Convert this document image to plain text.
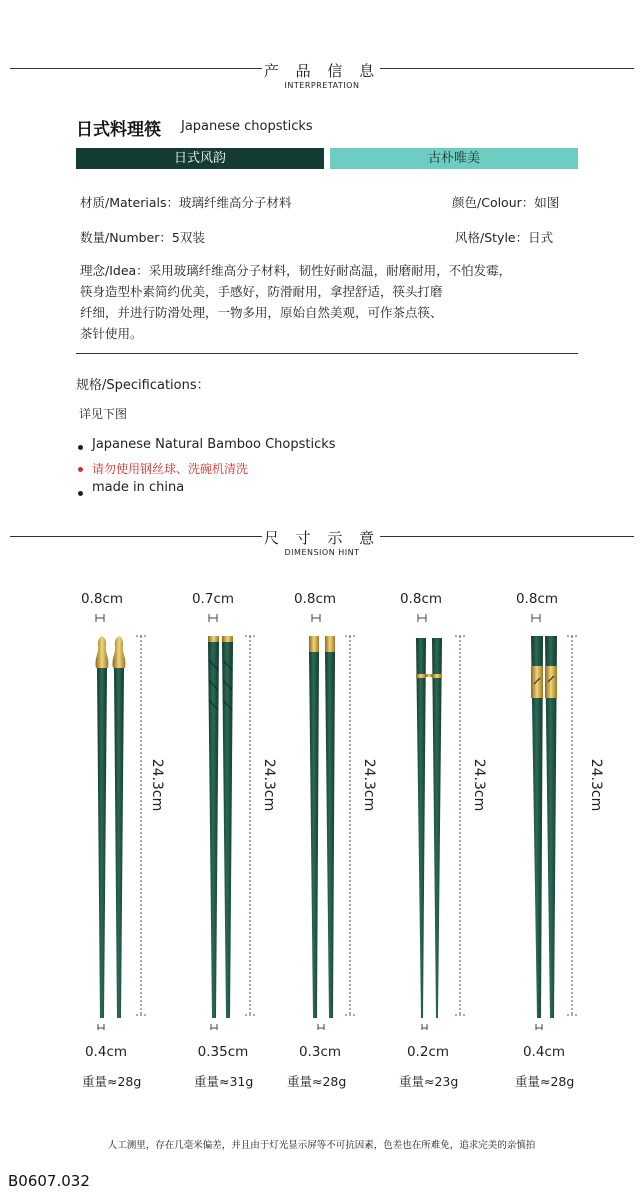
产 品 信 息
INTERPRETATION
日式料理筷 Japanese chopsticks
日式风韵	古朴唯美
材质/Materials：玻璃纤维高分子材料	颜色/Colour：如图
数量/Number：5双装	风格/Style：日式
理念/Idea：采用玻璃纤维高分子材料，韧性好耐高温，耐磨耐用，不怕发霉，
筷身造型朴素简约优美，手感好，防滑耐用，拿捏舒适，筷头打磨
纤细，并进行防滑处理，一物多用，原始自然美观，可作茶点筷、
茶针使用。
规格/Specifications：
详见下图
Japanese Natural Bamboo Chopsticks
请勿使用钢丝球、洗碗机清洗
made in china
尺 寸 示 意
DIMENSION HINT
0.8cm	0.7cm	0.8cm	0.8cm	0.8cm
24.3cm	24.3cm	24.3cm	24.3cm	24.3cm
0.4cm	0.35cm	0.3cm	0.2cm	0.4cm
重量≈28g	重量≈31g	重量≈28g	重量≈23g	重量≈28g
人工测里，存在几毫米偏差，并且由于灯光显示屏等不可抗因素，色差也在所难免，追求完美的亲慎拍
B0607.032
